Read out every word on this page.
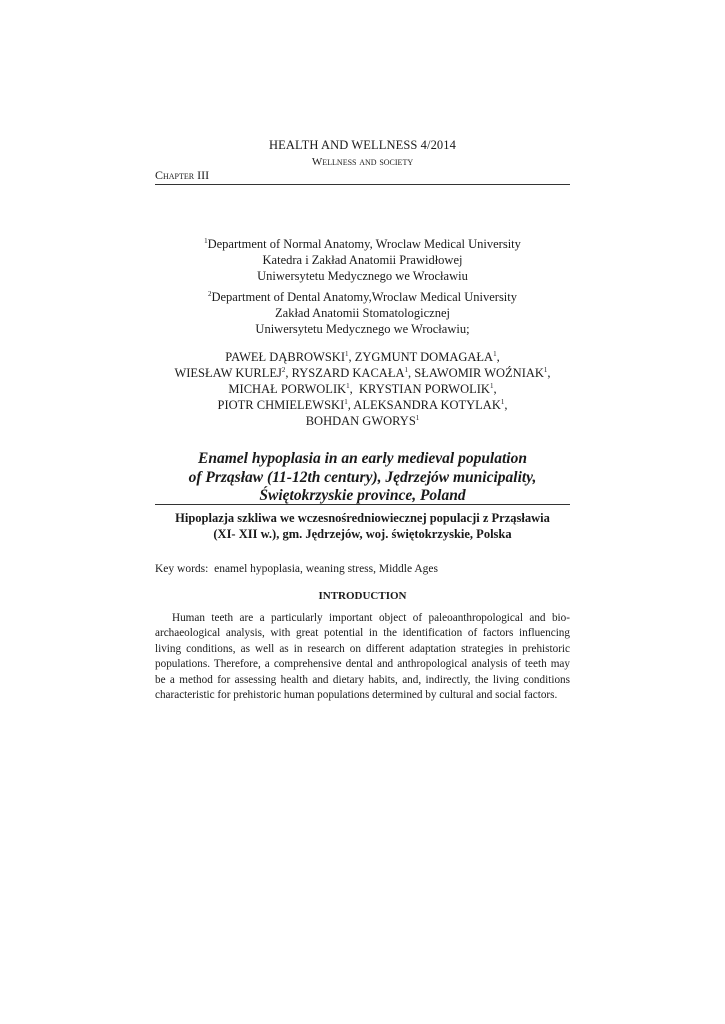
HEALTH AND WELLNESS 4/2014
Wellness and society
Chapter III
$^1$Department of Normal Anatomy, Wroclaw Medical University
Katedra i Zakład Anatomii Prawidłowej
Uniwersytetu Medycznego we Wrocławiu
$^2$Department of Dental Anatomy,Wroclaw Medical University
Zakład Anatomii Stomatologicznej
Uniwersytetu Medycznego we Wrocławiu;
PAWEŁ DĄBROWSKI$^1$, ZYGMUNT DOMAGAŁA$^1$,
WIESŁAW KURLEJ$^2$, RYSZARD KACAŁA$^1$, SŁAWOMIR WOŹNIAK$^1$,
MICHAŁ PORWOLIK$^1$,  KRYSTIAN PORWOLIK$^1$,
PIOTR CHMIELEWSKI$^1$, ALEKSANDRA KOTYLAK$^1$,
BOHDAN GWORYS$^1$
Enamel hypoplasia in an early medieval population
of Prząsław (11-12th century), Jędrzejów municipality,
Świętokrzyskie province, Poland
Hipoplazja szkliwa we wczesnośredniowiecznej populacji z Prząsławia
(XI- XII w.), gm. Jędrzejów, woj. świętokrzyskie, Polska
Key words:  enamel hypoplasia, weaning stress, Middle Ages
INTRODUCTION

Human teeth are a particularly important object of paleoanthropological and bioarchaeological analysis, with great potential in the identification of factors influencing living conditions, as well as in research on different adaptation strategies in prehistoric populations. Therefore, a comprehensive dental and anthropological analysis of teeth may be a method for assessing health and dietary habits, and, indirectly, the living conditions characteristic for prehistoric human populations determined by cultural and social factors.
